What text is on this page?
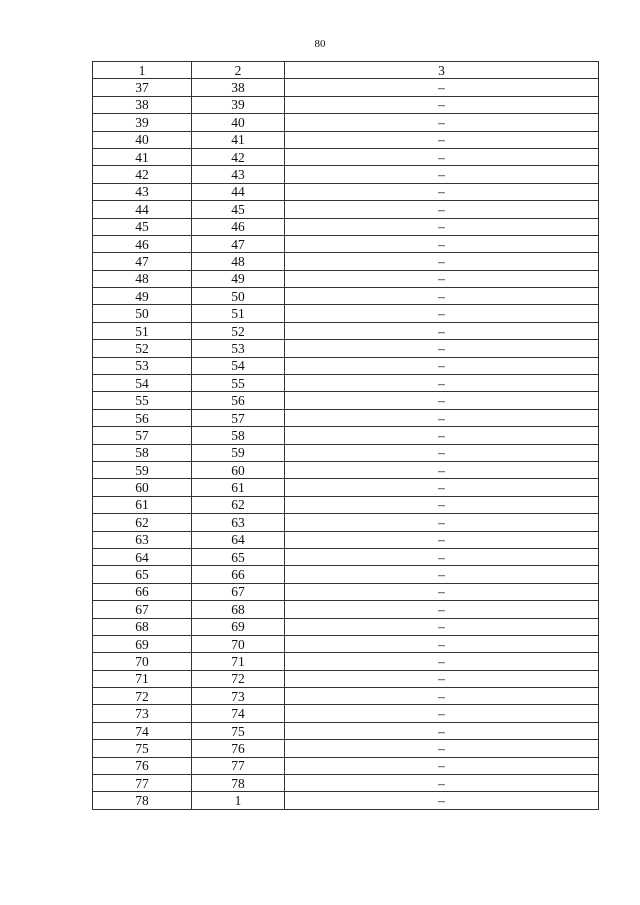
80
1	2	3
37	38	–
38	39	–
39	40	–
40	41	–
41	42	–
42	43	–
43	44	–
44	45	–
45	46	–
46	47	–
47	48	–
48	49	–
49	50	–
50	51	–
51	52	–
52	53	–
53	54	–
54	55	–
55	56	–
56	57	–
57	58	–
58	59	–
59	60	–
60	61	–
61	62	–
62	63	–
63	64	–
64	65	–
65	66	–
66	67	–
67	68	–
68	69	–
69	70	–
70	71	–
71	72	–
72	73	–
73	74	–
74	75	–
75	76	–
76	77	–
77	78	–
78	1	–
